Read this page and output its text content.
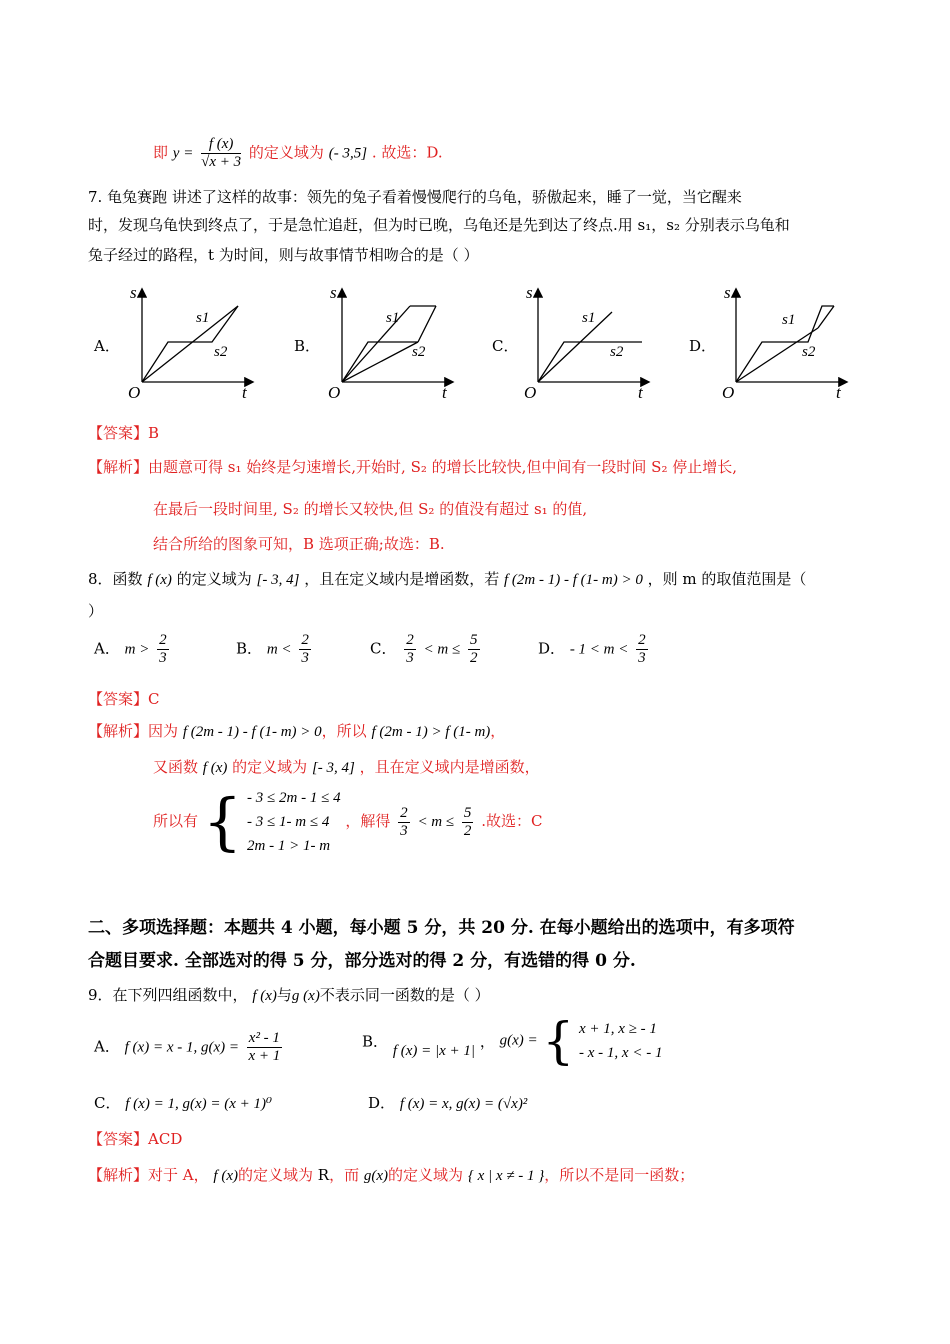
即 $y = \frac{f (x)}{√x + 3}$ 的定义域为 (- 3,5] . 故选：D.
7. 龟兔赛跑 讲述了这样的故事：领先的兔子看着慢慢爬行的乌龟，骄傲起来，睡了一觉，当它醒来
时，发现乌龟快到终点了，于是急忙追赶，但为时已晚，乌龟还是先到达了终点.用 s₁，s₂ 分别表示乌龟和
兔子经过的路程，t 为时间，则与故事情节相吻合的是（ ）
A．	B．	C．	D．
s
t
O
s1
s2
s
t
O
s1
s2
s
t
O
s1
s2
s
t
O
s1
s2
【答案】B
【解析】由题意可得 s₁ 始终是匀速增长,开始时, S₂ 的增长比较快,但中间有一段时间 S₂ 停止增长,
在最后一段时间里, S₂ 的增长又较快,但 S₂ 的值没有超过 s₁ 的值,
结合所给的图象可知，B 选项正确;故选：B.
8．函数 f (x) 的定义域为 [- 3, 4] ，且在定义域内是增函数，若 f (2m - 1) - f (1- m) > 0 ，则 m 的取值范围是（
）
A． $m > \frac{2}{3}$	B． $m < \frac{2}{3}$	C． $\frac{2}{3} < m \le \frac{5}{2}$	D． - $1 < m < \frac{2}{3}$
【答案】C
【解析】因为 f (2m - 1) - f (1- m) > 0，所以 f (2m - 1) > f (1- m)，
又函数 f (x) 的定义域为 [- 3, 4] ，且在定义域内是增函数，
所以有 { - 3 ≤ 2m - 1 ≤ 4
- 3 ≤ 1- m ≤ 4
2m - 1 > 1- m
，解得 $\frac{2}{3} < m \le \frac{5}{2}$ .故选：C
二、多项选择题：本题共 4 小题，每小题 5 分，共 20 分. 在每小题给出的选项中，有多项符
合题目要求. 全部选对的得 5 分，部分选对的得 2 分，有选错的得 0 分.
9．在下列四组函数中， f (x)与g (x)不表示同一函数的是（ ）
A． f (x) = x - 1, $g(x) = \frac{\text{x² - 1}}{x + 1}$	B． f (x) = |x + 1| ， g(x) = { x + 1, x ≥ - 1
- x - 1, x < - 1
C． f (x) = 1, g(x) = (x + 1)⁰	D． f (x) = x, g(x) = (√x)²
【答案】ACD
【解析】对于 A， f (x)的定义域为 R，而 g(x)的定义域为 { x | x ≠ - 1 }，所以不是同一函数；
